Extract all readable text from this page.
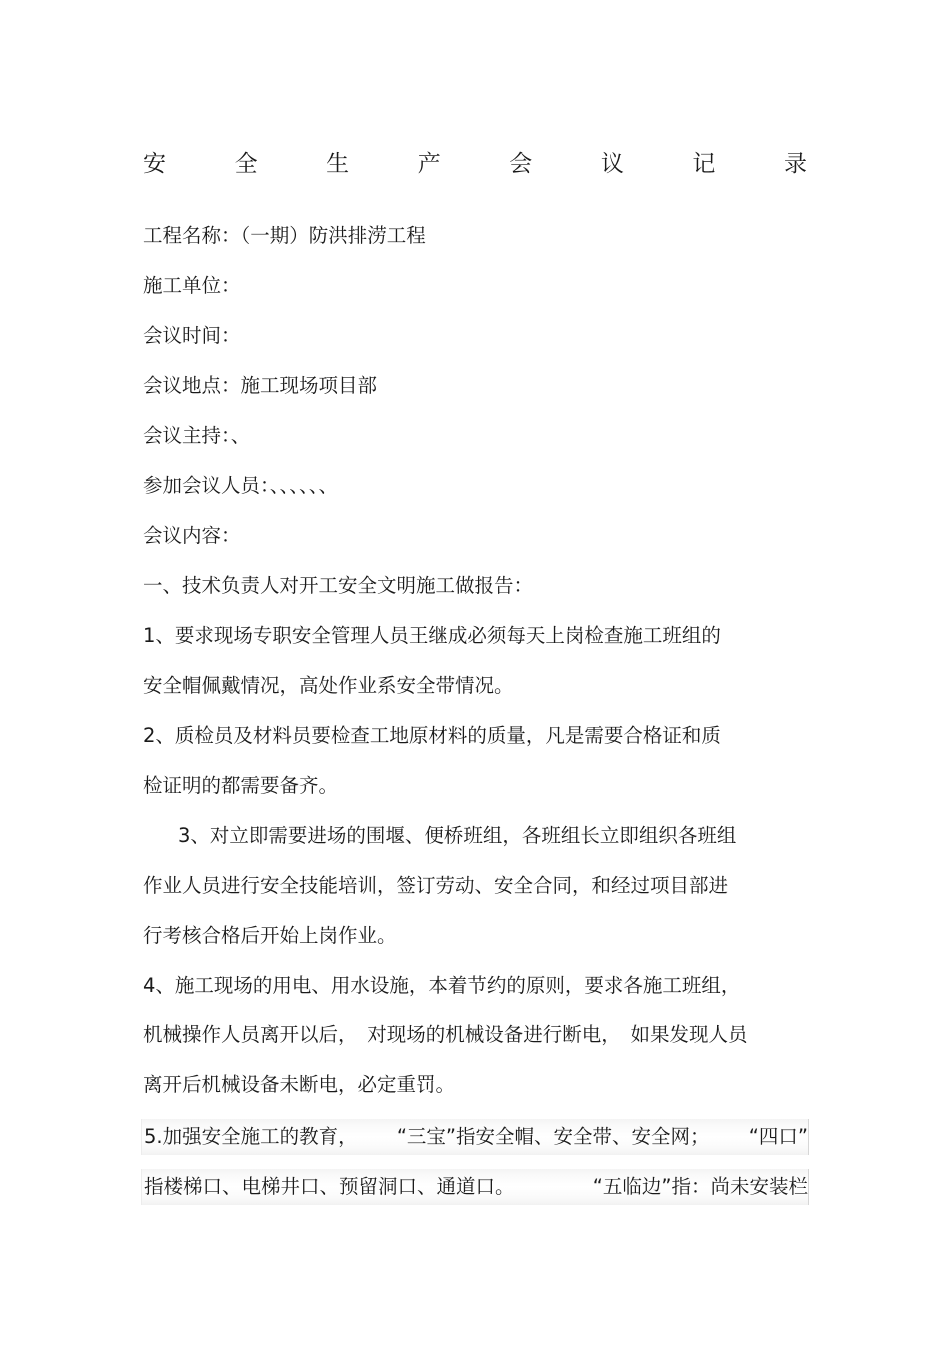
安	全	生	产	会	议	记	录
工程名称：（一期）防洪排涝工程
施工单位：
会议时间：
会议地点：施工现场项目部
会议主持：、
参加会议人员：、、、、、、
会议内容：
一、技术负责人对开工安全文明施工做报告：
1、要求现场专职安全管理人员王继成必须每天上岗检查施工班组的
安全帽佩戴情况，高处作业系安全带情况。
2、质检员及材料员要检查工地原材料的质量，凡是需要合格证和质
检证明的都需要备齐。
3、对立即需要进场的围堰、便桥班组，各班组长立即组织各班组
作业人员进行安全技能培训，签订劳动、安全合同，和经过项目部进
行考核合格后开始上岗作业。
4、施工现场的用电、用水设施，本着节约的原则，要求各施工班组，
机械操作人员离开以后，　对现场的机械设备进行断电，　如果发现人员
离开后机械设备未断电，必定重罚。
5.加强安全施工的教育， “三宝”指安全帽、安全带、安全网； “四口”
指楼梯口、电梯井口、预留洞口、通道口。	“五临边”指：尚未安装栏
